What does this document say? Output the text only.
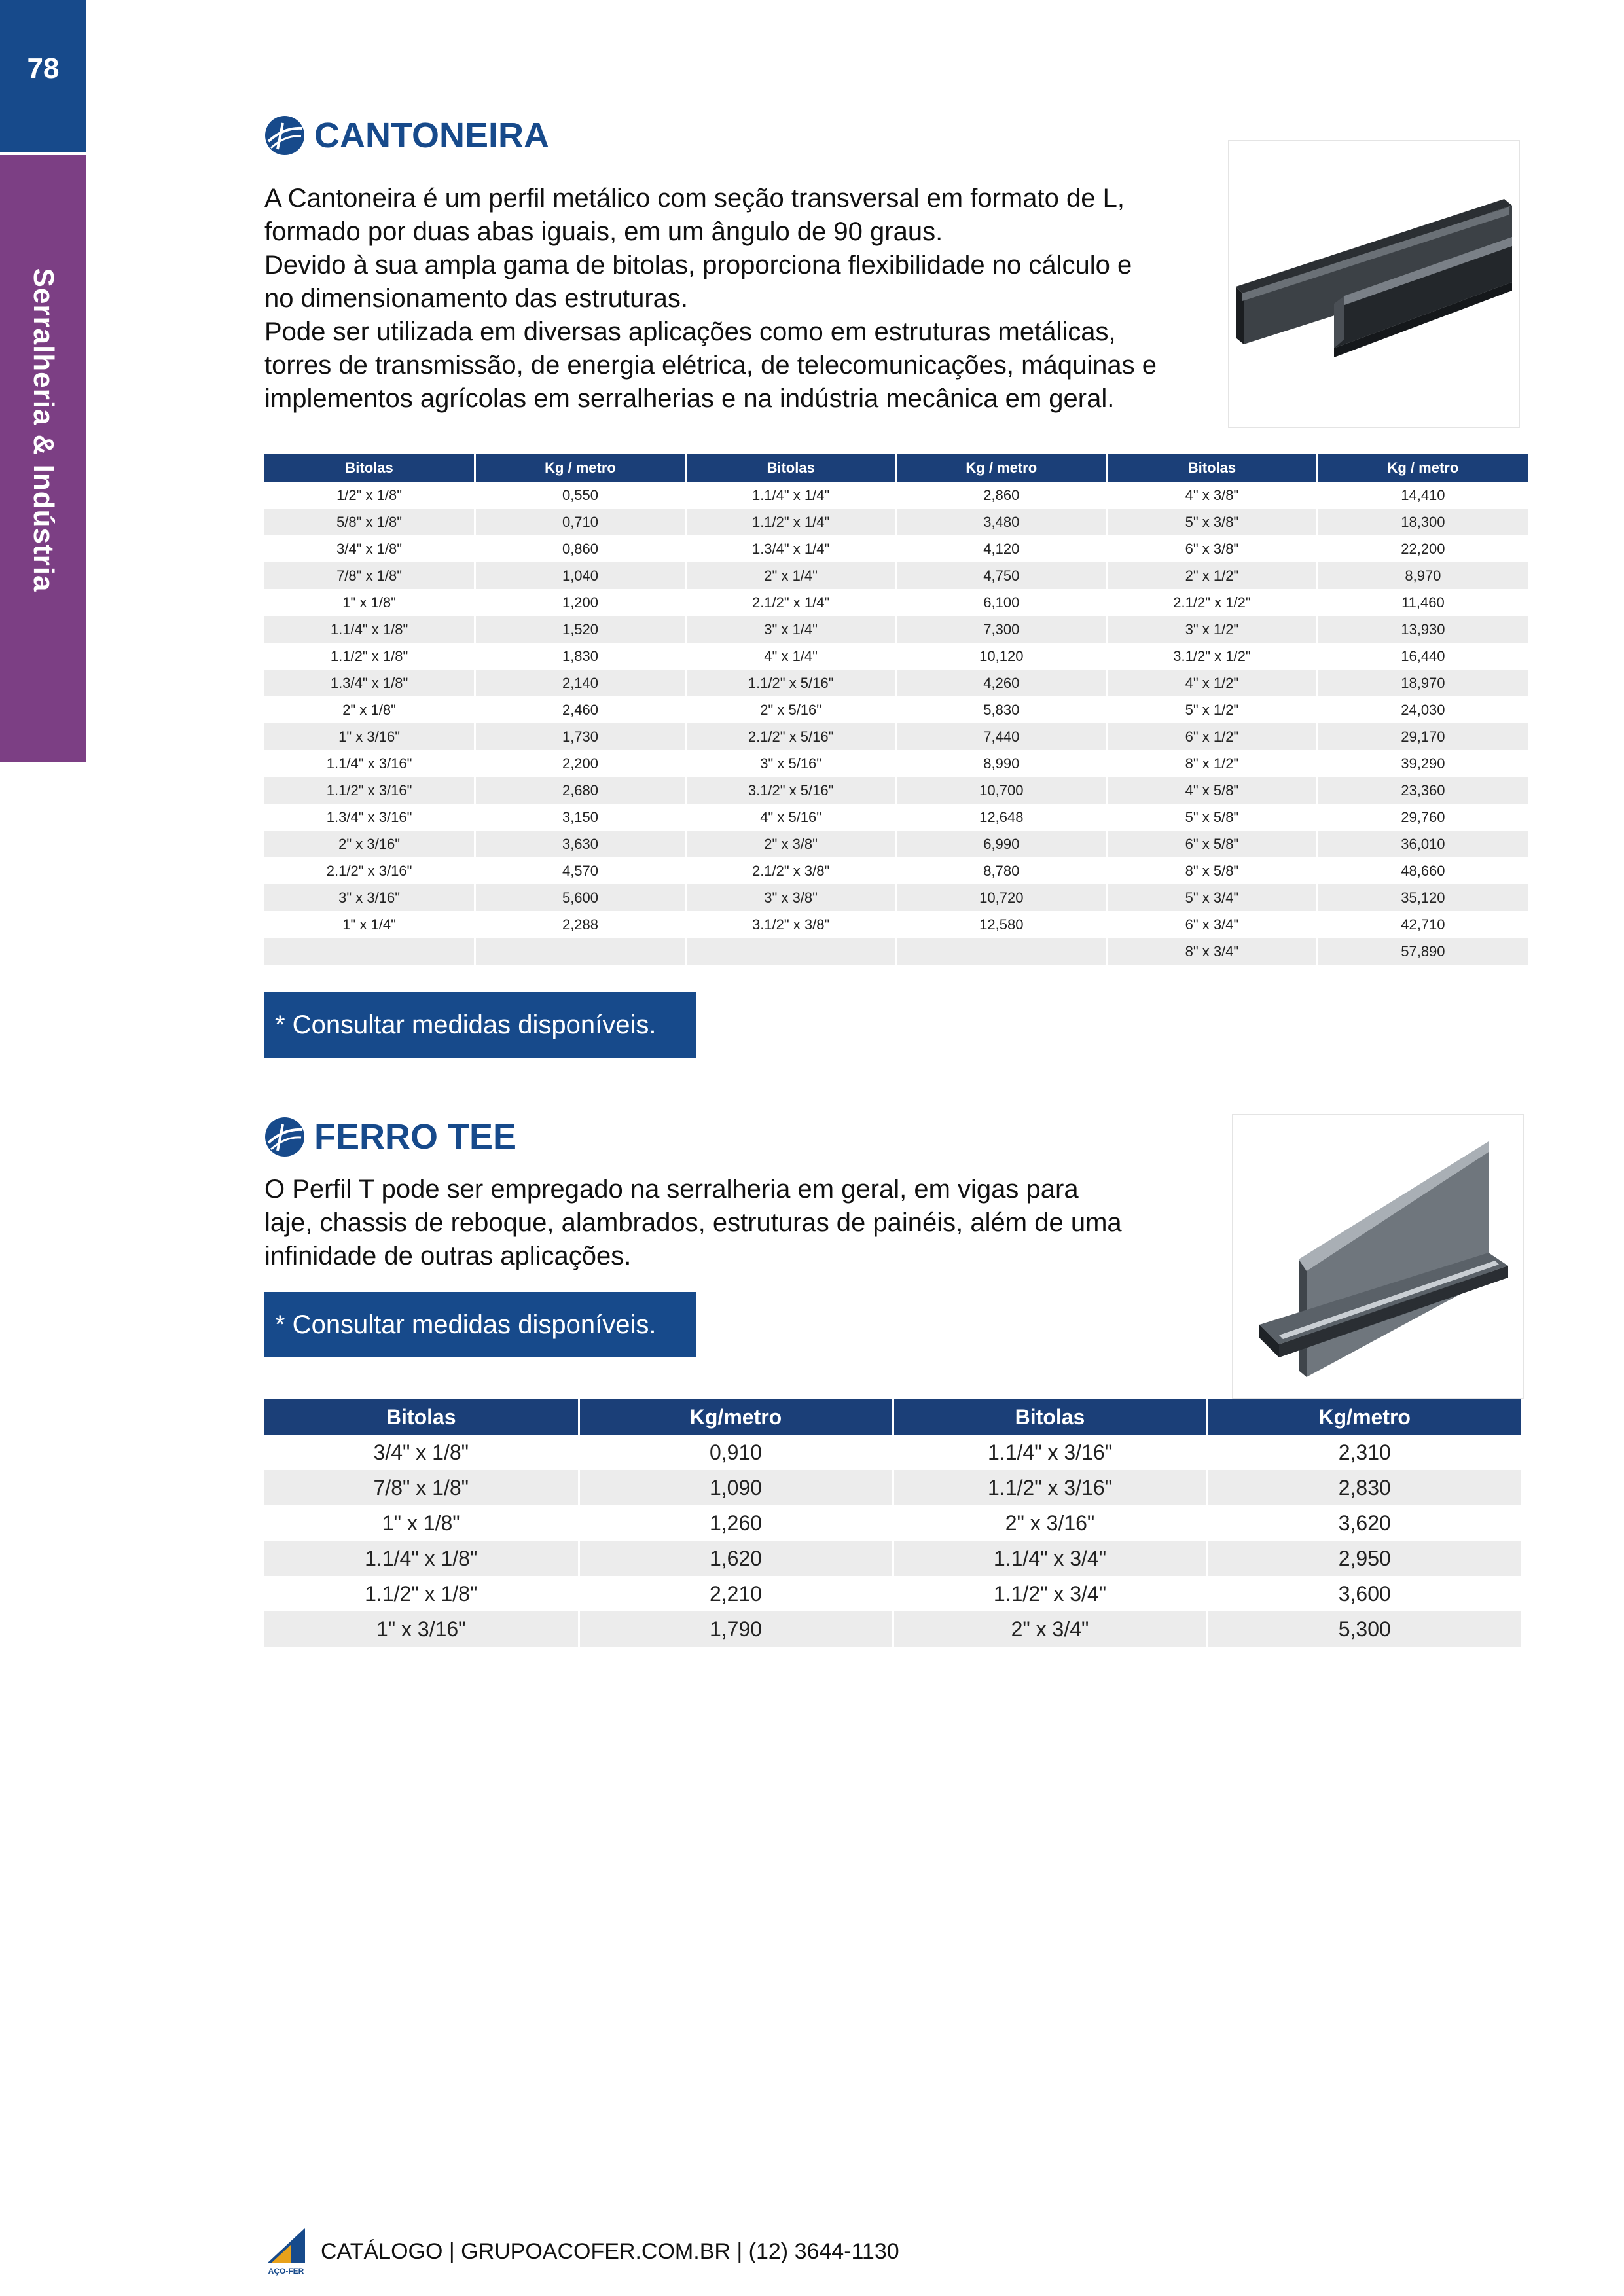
78
Serralheria & Indústria
CANTONEIRA
A Cantoneira é um perfil metálico com seção transversal em formato de L,
formado por duas abas iguais, em um ângulo de 90 graus.
Devido à sua ampla gama de bitolas, proporciona flexibilidade no cálculo e
no dimensionamento das estruturas.
Pode ser utilizada em diversas aplicações como em estruturas metálicas,
torres de transmissão, de energia elétrica, de telecomunicações, máquinas e
implementos agrícolas em serralherias e na indústria mecânica em geral.
Bitolas	Kg / metro	Bitolas	Kg / metro	Bitolas	Kg / metro
1/2" x 1/8"	0,550	1.1/4" x 1/4"	2,860	4" x 3/8"	14,410
5/8" x 1/8"	0,710	1.1/2" x 1/4"	3,480	5" x 3/8"	18,300
3/4" x 1/8"	0,860	1.3/4" x 1/4"	4,120	6" x 3/8"	22,200
7/8" x 1/8"	1,040	2" x 1/4"	4,750	2" x 1/2"	8,970
1" x 1/8"	1,200	2.1/2" x 1/4"	6,100	2.1/2" x 1/2"	11,460
1.1/4" x 1/8"	1,520	3" x 1/4"	7,300	3" x 1/2"	13,930
1.1/2" x 1/8"	1,830	4" x 1/4"	10,120	3.1/2" x 1/2"	16,440
1.3/4" x 1/8"	2,140	1.1/2" x 5/16"	4,260	4" x 1/2"	18,970
2" x 1/8"	2,460	2" x 5/16"	5,830	5" x 1/2"	24,030
1" x 3/16"	1,730	2.1/2" x 5/16"	7,440	6" x 1/2"	29,170
1.1/4" x 3/16"	2,200	3" x 5/16"	8,990	8" x 1/2"	39,290
1.1/2" x 3/16"	2,680	3.1/2" x 5/16"	10,700	4" x 5/8"	23,360
1.3/4" x 3/16"	3,150	4" x 5/16"	12,648	5" x 5/8"	29,760
2" x 3/16"	3,630	2" x 3/8"	6,990	6" x 5/8"	36,010
2.1/2" x 3/16"	4,570	2.1/2" x 3/8"	8,780	8" x 5/8"	48,660
3" x 3/16"	5,600	3" x 3/8"	10,720	5" x 3/4"	35,120
1" x 1/4"	2,288	3.1/2" x 3/8"	12,580	6" x 3/4"	42,710
				8" x 3/4"	57,890
* Consultar medidas disponíveis.
FERRO TEE
O Perfil T pode ser empregado na serralheria em geral, em vigas para
laje, chassis de reboque, alambrados, estruturas de painéis, além de uma
infinidade de outras aplicações.
* Consultar medidas disponíveis.
Bitolas	Kg/metro	Bitolas	Kg/metro
3/4" x 1/8"	0,910	1.1/4" x 3/16"	2,310
7/8" x 1/8"	1,090	1.1/2" x 3/16"	2,830
1" x 1/8"	1,260	2" x 3/16"	3,620
1.1/4" x 1/8"	1,620	1.1/4" x 3/4"	2,950
1.1/2" x 1/8"	2,210	1.1/2" x 3/4"	3,600
1" x 3/16"	1,790	2" x 3/4"	5,300
AÇO-FER
CATÁLOGO | GRUPOACOFER.COM.BR | (12) 3644-1130
